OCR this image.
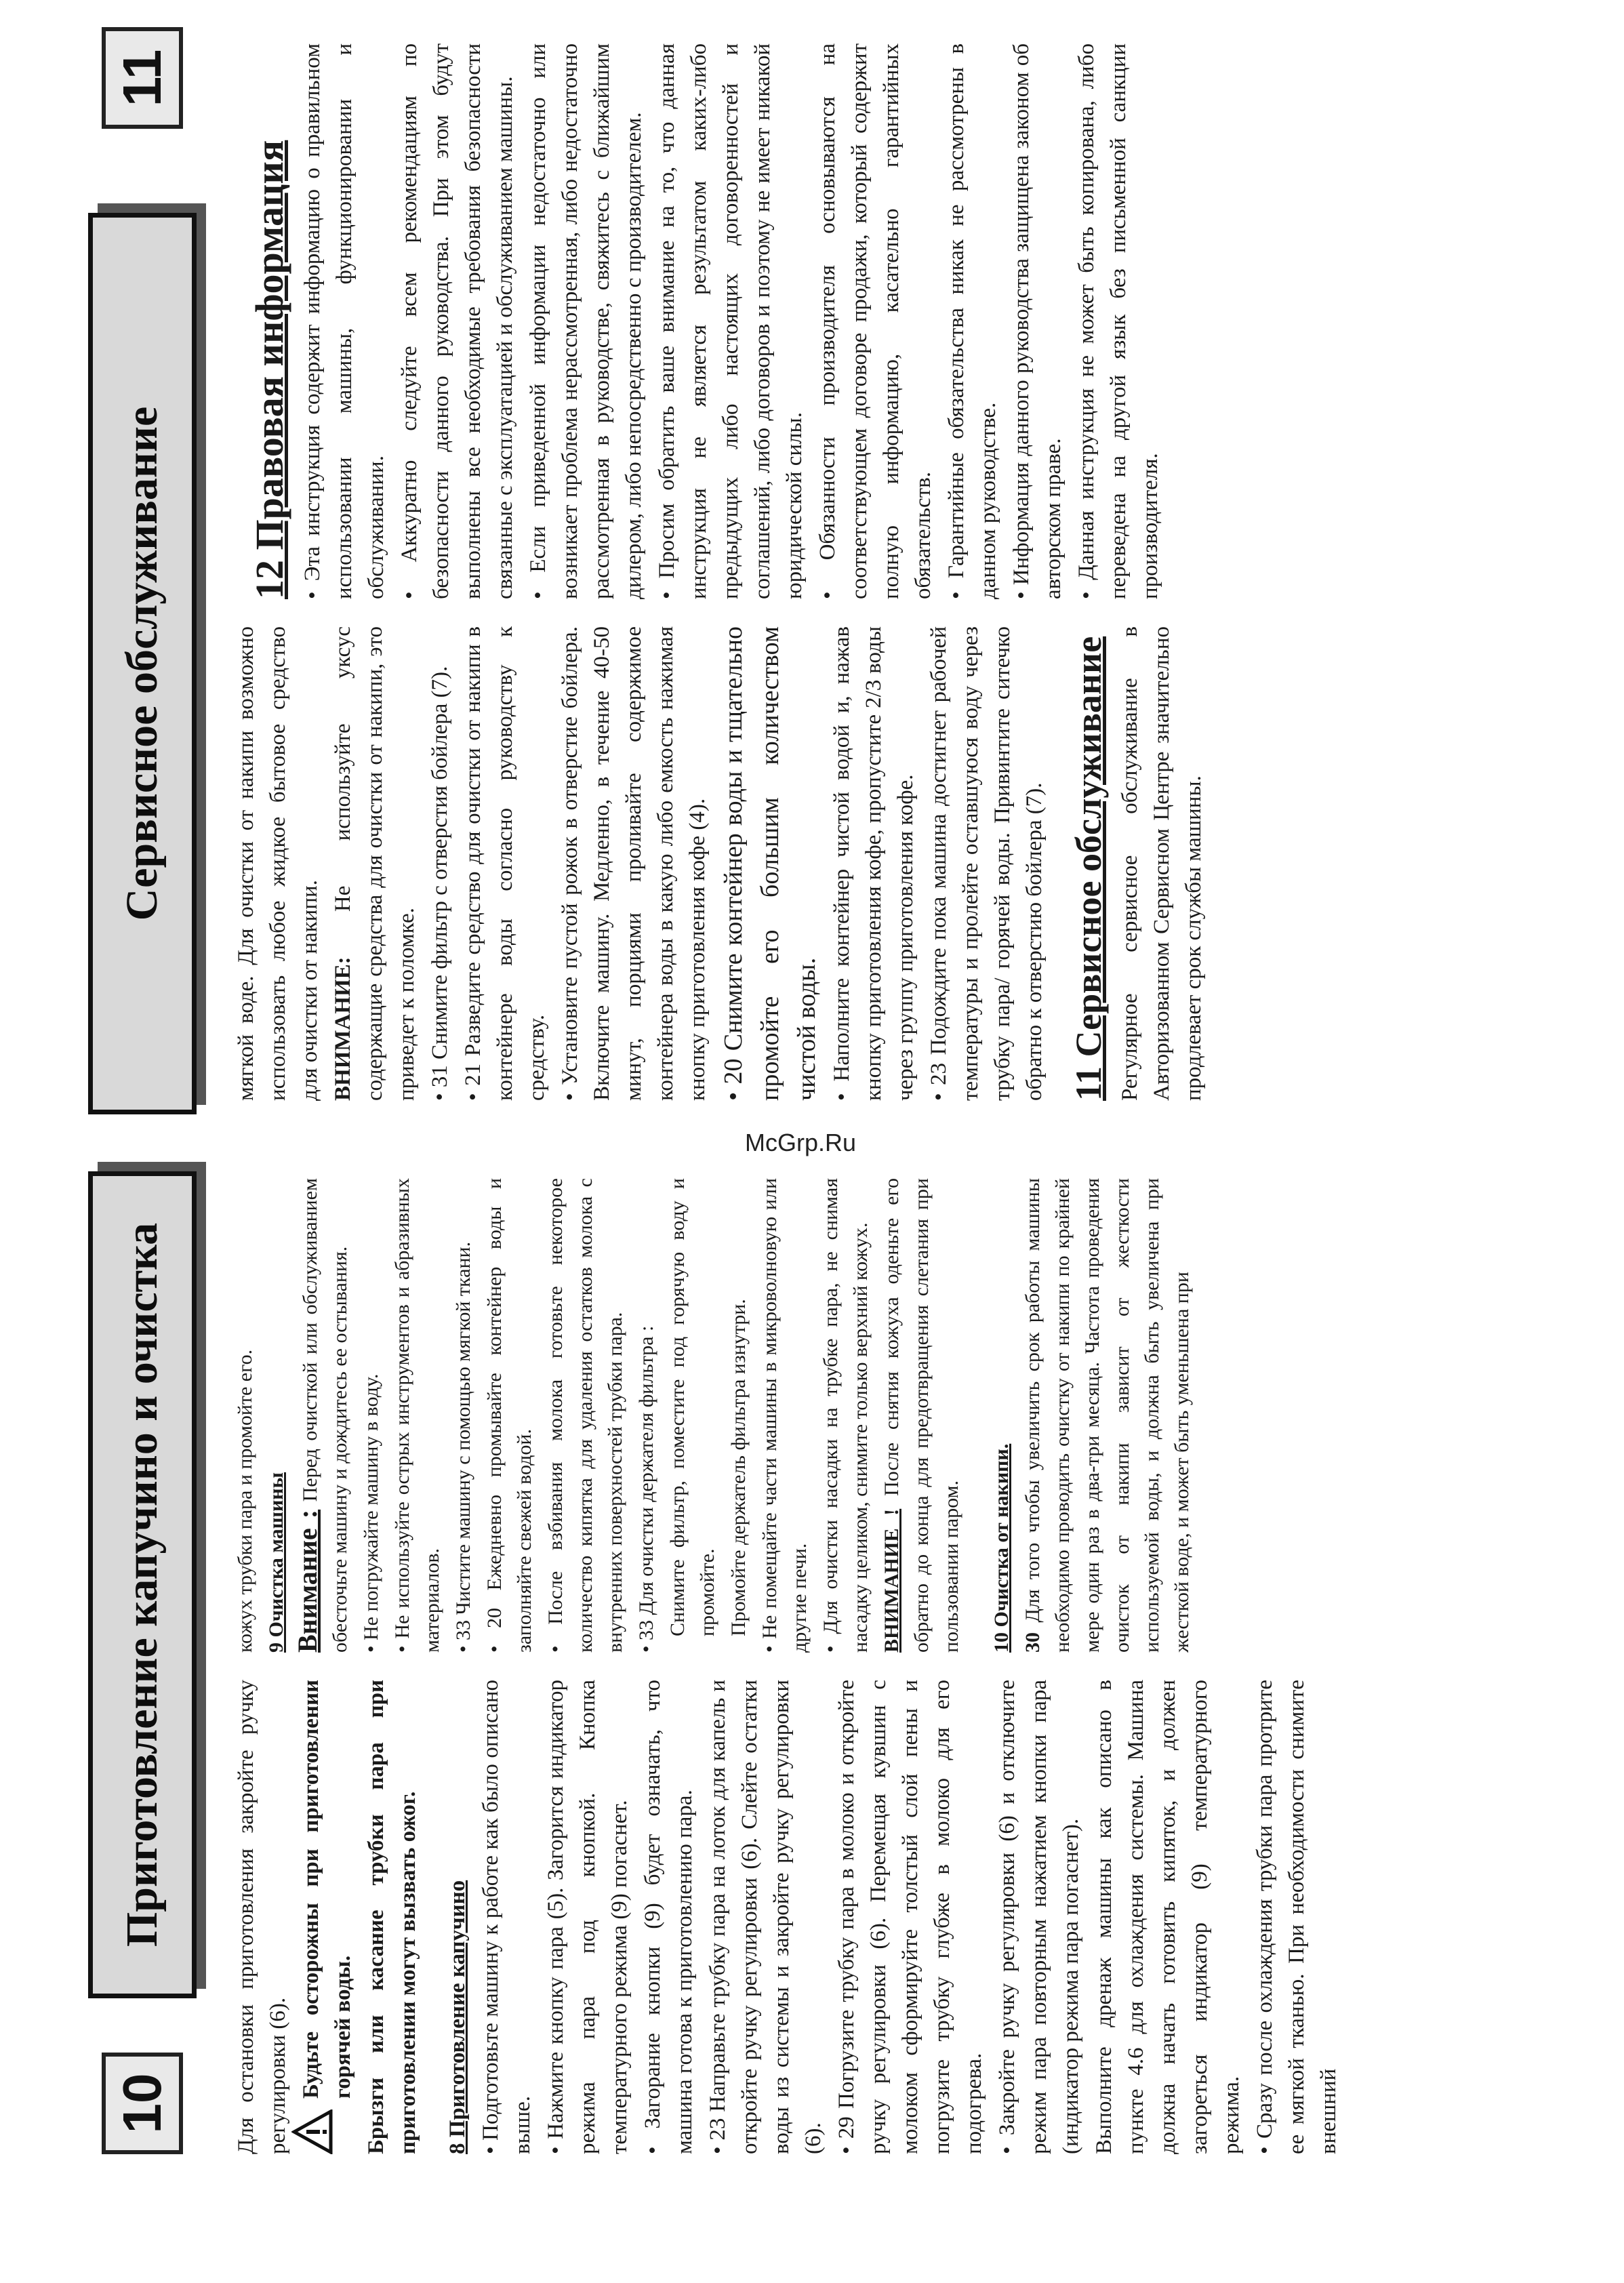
10
Приготовление капучино и очистка	Для остановки приготовления закройте ручку регулировки (6). Будьте осторожны при приготовлении горячей воды. Брызги или касание трубки пара при приготовлении могут вызвать ожог. 8 Приготовление капучино • Подготовьте машину к работе как было описано выше. • Нажмите кнопку пара (5). Загорится индикатор режима пара под кнопкой. Кнопка температурного режима (9) погаснет. • Загорание кнопки (9) будет означать, что машина готова к приготовлению пара. • 23 Направьте трубку пара на лоток для капель и откройте ручку регулировки (6). Слейте остатки воды из системы и закройте ручку регулировки (6). • 29 Погрузите трубку пара в молоко и откройте ручку регулировки (6). Перемещая кувшин с молоком сформируйте толстый слой пены и погрузите трубку глубже в молоко для его подогрева. • Закройте ручку регулировки (6) и отключите режим пара повторным нажатием кнопки пара (индикатор режима пара погаснет). Выполните дренаж машины как описано в пункте 4.6 для охлаждения системы. Машина должна начать готовить кипяток, и должен загореться индикатор (9) температурного режима. • Сразу после охлаждения трубки пара протрите ее мягкой тканью. При необходимости снимите внешний

кожух трубки пара и промойте его. 9 Очистка машины Внимание : Перед очисткой или обслуживанием обесточьте машину и дождитесь ее остывания. • Не погружайте машину в воду. • Не используйте острых инструментов и абразивных материалов. • 33 Чистите машину с помощью мягкой ткани. • 20 Ежедневно промывайте контейнер воды и заполняйте свежей водой. • После взбивания молока готовьте некоторое количество кипятка для удаления остатков молока с внутренних поверхностей трубки пара. • 33 Для очистки держателя фильтра : Снимите фильтр, поместите под горячую воду и промойте. Промойте держатель фильтра изнутри. • Не помещайте части машины в микроволновую или другие печи. • Для очистки насадки на трубке пара, не снимая насадку целиком, снимите только верхний кожух. ВНИМАНИЕ ! После снятия кожуха оденьте его обратно до конца для предотвращения слетания при пользовании паром. 10 Очистка от накипи. 30 Для того чтобы увеличить срок работы машины необходимо проводить очистку от накипи по крайней мере один раз в два-три месяца. Частота проведения очисток от накипи зависит от жесткости используемой воды, и должна быть увеличена при жесткой воде, и может быть уменьшена при

Сервисное обслуживание
11

мягкой воде. Для очистки от накипи возможно использовать любое жидкое бытовое средство для очистки от накипи. ВНИМАНИЕ: Не используйте уксус содержащие средства для очистки от накипи, это приведет к поломке. • 31 Снимите фильтр с отверстия бойлера (7). • 21 Разведите средство для очистки от накипи в контейнере воды согласно руководству к средству. • Установите пустой рожок в отверстие бойлера. Включите машину. Медленно, в течение 40-50 минут, порциями проливайте содержимое контейнера воды в какую либо емкость нажимая кнопку приготовления кофе (4). • 20 Снимите контейнер воды и тщательно промойте его большим количеством чистой воды. • Наполните контейнер чистой водой и, нажав кнопку приготовления кофе, пропустите 2/3 воды через группу приготовления кофе. • 23 Подождите пока машина достигнет рабочей температуры и пролейте оставшуюся воду через трубку пара/ горячей воды. Привинтите ситечко обратно к отверстию бойлера (7). 11 Сервисное обслуживание Регулярное сервисное обслуживание в Авторизованном Сервисном Центре значительно продлевает срок службы машины.

12 Правовая информация • Эта инструкция содержит информацию о правильном использовании машины, функционировании и обслуживании. • Аккуратно следуйте всем рекомендациям по безопасности данного руководства. При этом будут выполнены все необходимые требования безопасности связанные с эксплуатацией и обслуживанием машины. • Если приведенной информации недостаточно или возникает проблема нерассмотренная, либо недостаточно рассмотренная в руководстве, свяжитесь с ближайшим дилером, либо непосредственно с производителем. • Просим обратить ваше внимание на то, что данная инструкция не является результатом каких-либо предыдущих либо настоящих договоренностей и соглашений, либо договоров и поэтому не имеет никакой юридической силы. • Обязанности производителя основываются на соответствующем договоре продажи, который содержит полную информацию, касательно гарантийных обязательств. • Гарантийные обязательства никак не рассмотрены в данном руководстве. • Информация данного руководства защищена законом об авторском праве. • Данная инструкция не может быть копирована, либо переведена на другой язык без письменной санкции производителя.

McGrp.Ru
